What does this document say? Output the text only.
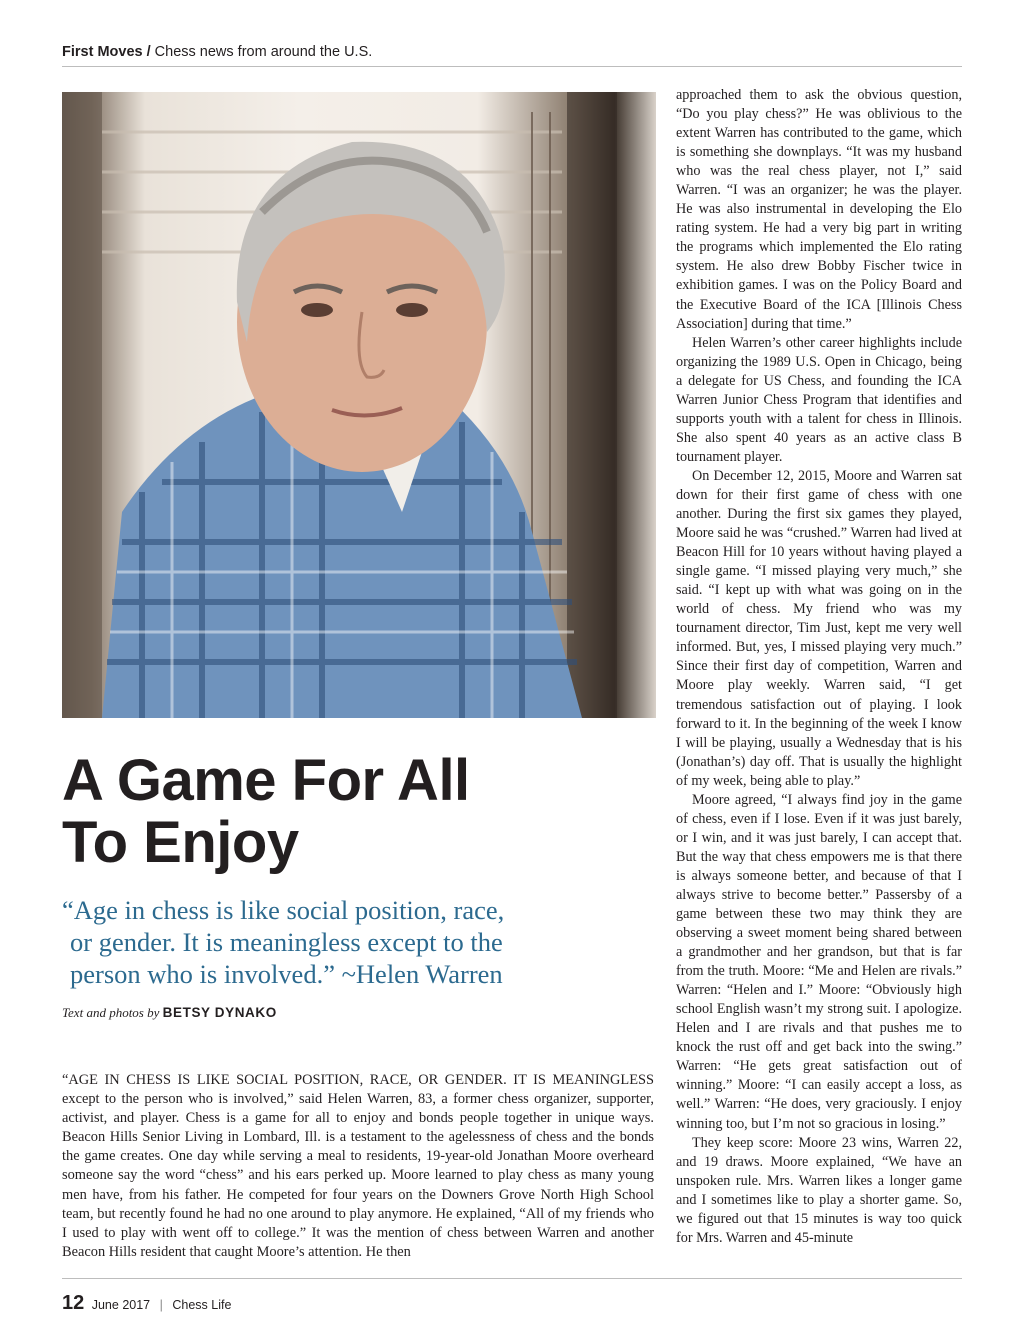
First Moves / Chess news from around the U.S.
A Game For All
To Enjoy
“Age in chess is like social position, race,
or gender. It is meaningless except to the
person who is involved.” ~Helen Warren
Text and photos by BETSY DYNAKO

“AGE IN CHESS IS LIKE SOCIAL POSITION, RACE, OR GENDER. IT IS MEANINGLESS except to the person who is involved,” said Helen Warren, 83, a former chess organizer, supporter, activist, and player. Chess is a game for all to enjoy and bonds people together in unique ways. Beacon Hills Senior Living in Lombard, Ill. is a testament to the agelessness of chess and the bonds the game creates. One day while serving a meal to residents, 19-year-old Jonathan Moore overheard someone say the word “chess” and his ears perked up. Moore learned to play chess as many young men have, from his father. He competed for four years on the Downers Grove North High School team, but recently found he had no one around to play anymore. He explained, “All of my friends who I used to play with went off to college.” It was the mention of chess between Warren and another Beacon Hills resident that caught Moore’s attention. He then

approached them to ask the obvious question, “Do you play chess?” He was oblivious to the extent Warren has contributed to the game, which is something she downplays. “It was my husband who was the real chess player, not I,” said Warren. “I was an organizer; he was the player. He was also instrumental in developing the Elo rating system. He had a very big part in writing the programs which implemented the Elo rating system. He also drew Bobby Fischer twice in exhibition games. I was on the Policy Board and the Executive Board of the ICA [Illinois Chess Association] during that time.”

Helen Warren’s other career highlights include organizing the 1989 U.S. Open in Chicago, being a delegate for US Chess, and founding the ICA Warren Junior Chess Program that identifies and supports youth with a talent for chess in Illinois. She also spent 40 years as an active class B tournament player.

On December 12, 2015, Moore and Warren sat down for their first game of chess with one another. During the first six games they played, Moore said he was “crushed.” Warren had lived at Beacon Hill for 10 years without having played a single game. “I missed playing very much,” she said. “I kept up with what was going on in the world of chess. My friend who was my tournament director, Tim Just, kept me very well informed. But, yes, I missed playing very much.” Since their first day of competition, Warren and Moore play weekly. Warren said, “I get tremendous satisfaction out of playing. I look forward to it. In the beginning of the week I know I will be playing, usually a Wednesday that is his (Jonathan’s) day off. That is usually the highlight of my week, being able to play.”

Moore agreed, “I always find joy in the game of chess, even if I lose. Even if it was just barely, or I win, and it was just barely, I can accept that. But the way that chess empowers me is that there is always someone better, and because of that I always strive to become better.” Passersby of a game between these two may think they are observing a sweet moment being shared between a grandmother and her grandson, but that is far from the truth. Moore: “Me and Helen are rivals.” Warren: “Helen and I.” Moore: “Obviously high school English wasn’t my strong suit. I apologize. Helen and I are rivals and that pushes me to knock the rust off and get back into the swing.” Warren: “He gets great satisfaction out of winning.” Moore: “I can easily accept a loss, as well.” Warren: “He does, very graciously. I enjoy winning too, but I’m not so gracious in losing.”

They keep score: Moore 23 wins, Warren 22, and 19 draws. Moore explained, “We have an unspoken rule. Mrs. Warren likes a longer game and I sometimes like to play a shorter game. So, we figured out that 15 minutes is way too quick for Mrs. Warren and 45-minute

12 June 2017 | Chess Life
